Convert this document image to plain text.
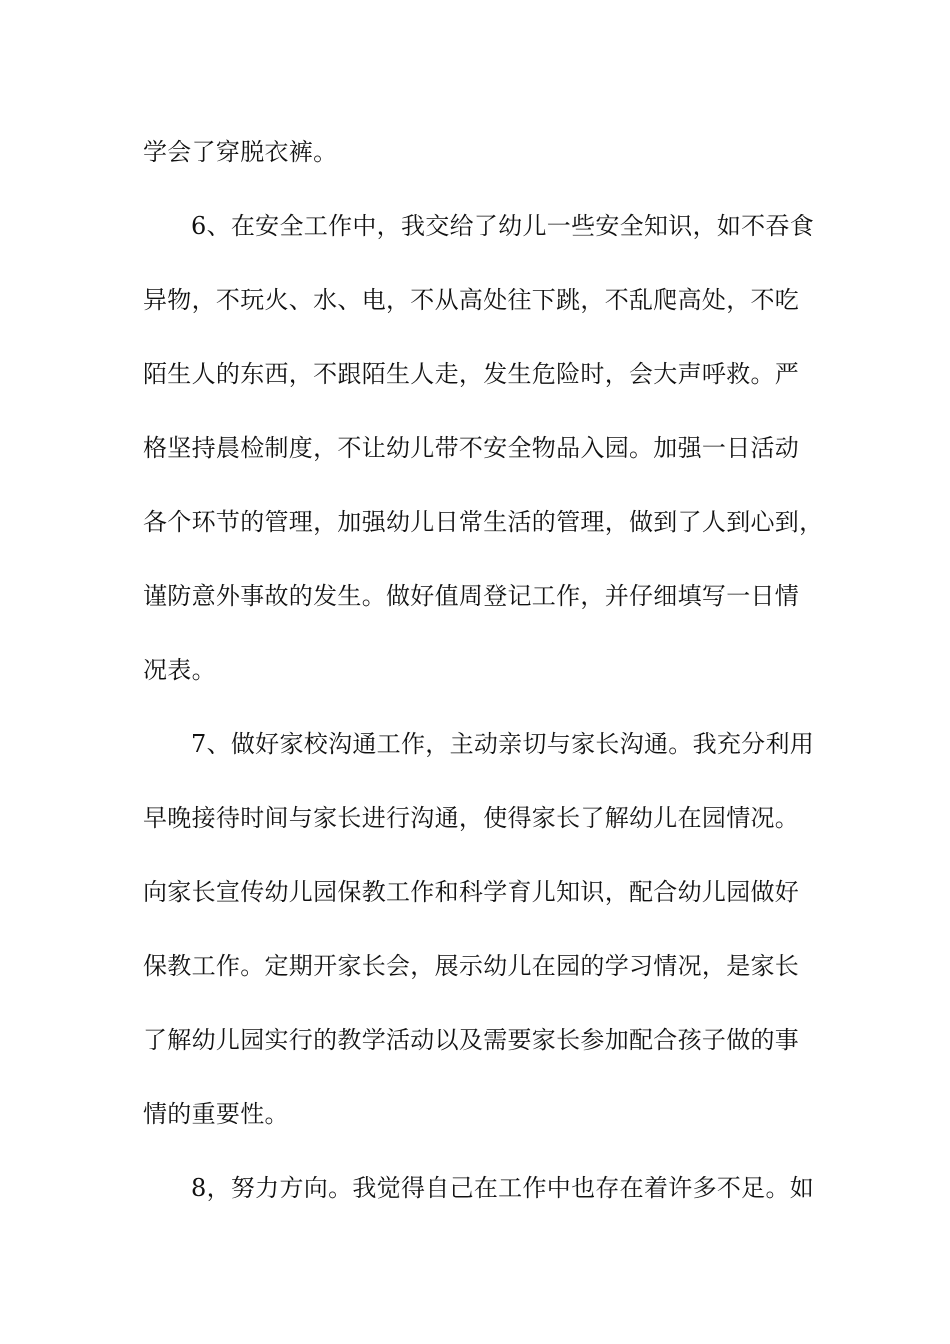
学会了穿脱衣裤。
6、在安全工作中，我交给了幼儿一些安全知识，如不吞食
异物，不玩火、水、电，不从高处往下跳，不乱爬高处，不吃
陌生人的东西，不跟陌生人走，发生危险时，会大声呼救。严
格坚持晨检制度，不让幼儿带不安全物品入园。加强一日活动
各个环节的管理，加强幼儿日常生活的管理，做到了人到心到，
谨防意外事故的发生。做好值周登记工作，并仔细填写一日情
况表。
7、做好家校沟通工作，主动亲切与家长沟通。我充分利用
早晚接待时间与家长进行沟通，使得家长了解幼儿在园情况。
向家长宣传幼儿园保教工作和科学育儿知识，配合幼儿园做好
保教工作。定期开家长会，展示幼儿在园的学习情况，是家长
了解幼儿园实行的教学活动以及需要家长参加配合孩子做的事
情的重要性。
8，努力方向。我觉得自己在工作中也存在着许多不足。如
